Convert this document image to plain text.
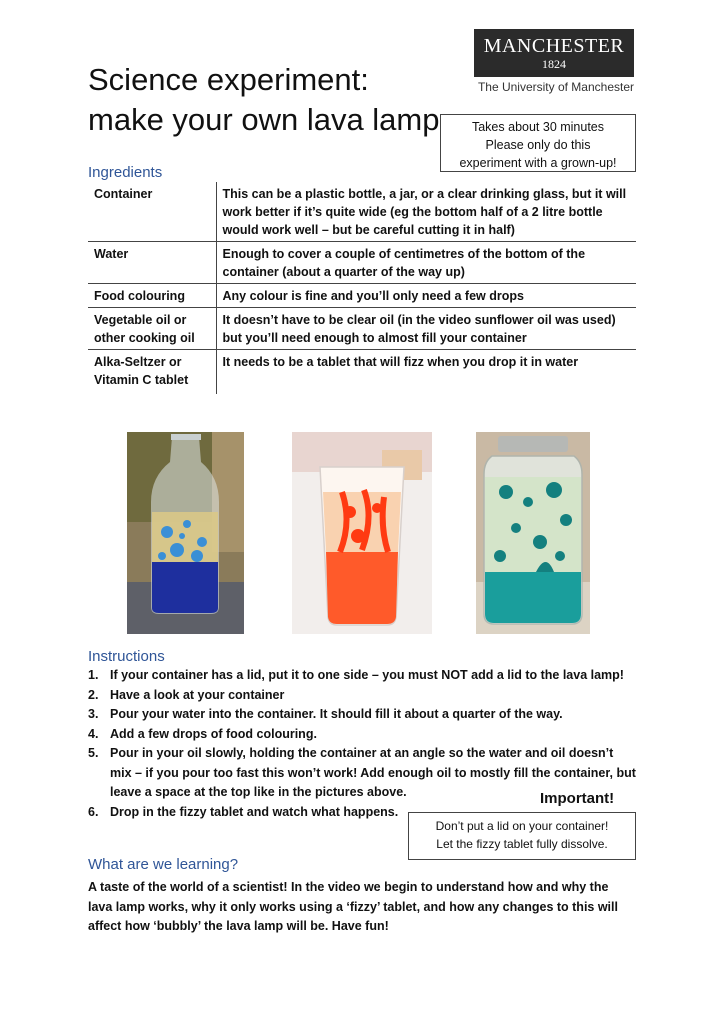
Science experiment:
make your own lava lamp
MANCHESTER
1824
The University of Manchester
Takes about 30 minutes
Please only do this
experiment with a grown-up!
Ingredients
Container	This can be a plastic bottle, a jar, or a clear drinking glass, but it will work better if it’s quite wide (eg the bottom half of a 2 litre bottle would work well – but be careful cutting it in half)
Water	Enough to cover a couple of centimetres of the bottom of the container (about a quarter of the way up)
Food colouring	Any colour is fine and you’ll only need a few drops
Vegetable oil or other cooking oil	It doesn’t have to be clear oil (in the video sunflower oil was used) but you’ll need enough to almost fill your container
Alka-Seltzer or Vitamin C tablet	It needs to be a tablet that will fizz when you drop it in water
Instructions
1. If your container has a lid, put it to one side – you must NOT add a lid to the lava lamp!
2. Have a look at your container
3. Pour your water into the container. It should fill it about a quarter of the way.
4. Add a few drops of food colouring.
5. Pour in your oil slowly, holding the container at an angle so the water and oil doesn’t mix – if you pour too fast this won’t work! Add enough oil to mostly fill the container, but leave a space at the top like in the pictures above.
6. Drop in the fizzy tablet and watch what happens.
Important!
Don’t put a lid on your container!
Let the fizzy tablet fully dissolve.
What are we learning?
A taste of the world of a scientist! In the video we begin to understand how and why the lava lamp works, why it only works using a ‘fizzy’ tablet, and how any changes to this will affect how ‘bubbly’ the lava lamp will be. Have fun!
